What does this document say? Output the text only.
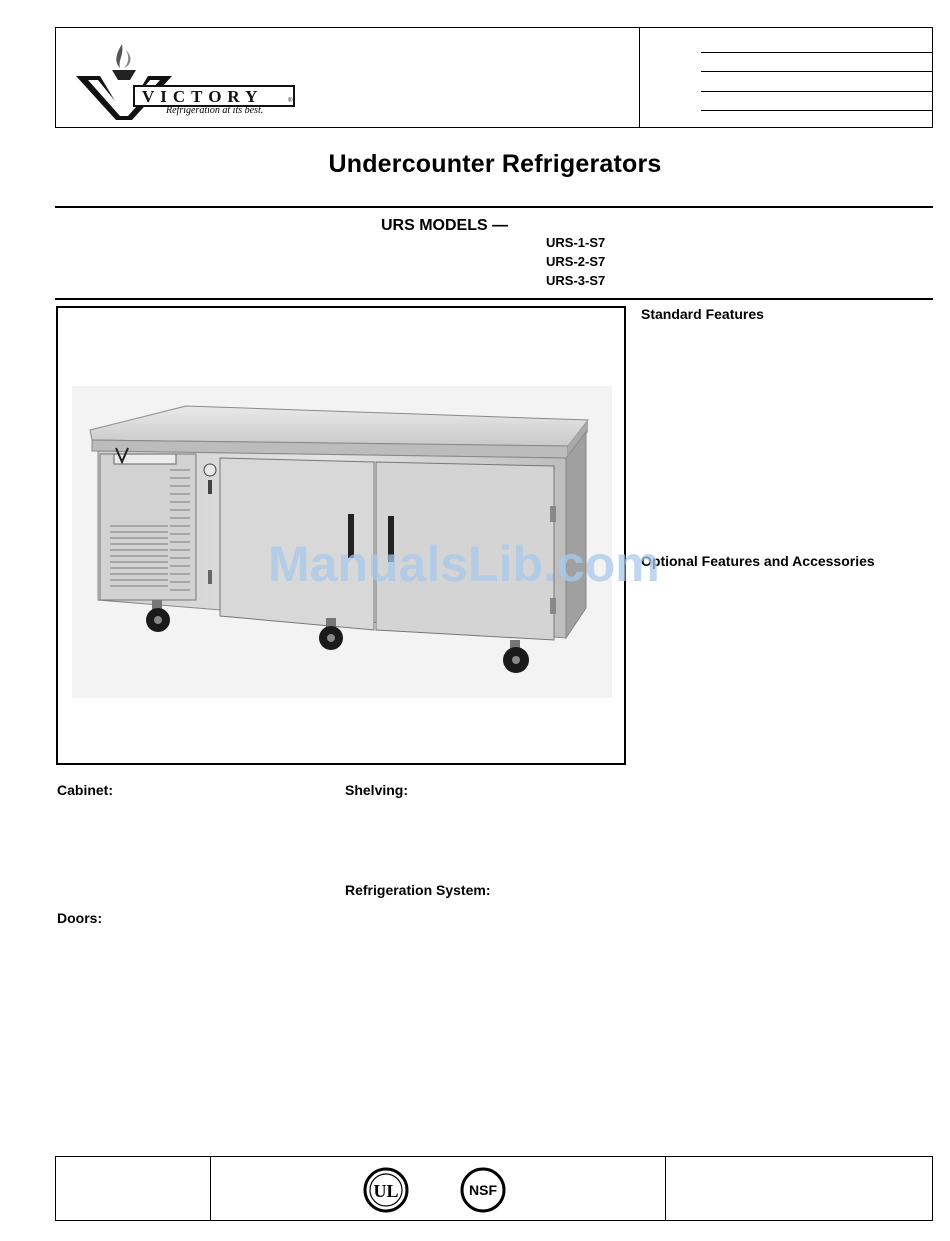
VICTORY	®
Refrigeration at its best.
Undercounter Refrigerators
URS MODELS —
URS-1-S7
URS-2-S7
URS-3-S7
Standard Features
Optional Features and Accessories
ManualsLib.com
Cabinet:	Shelving:
Refrigeration System:
Doors:
UL	NSF
